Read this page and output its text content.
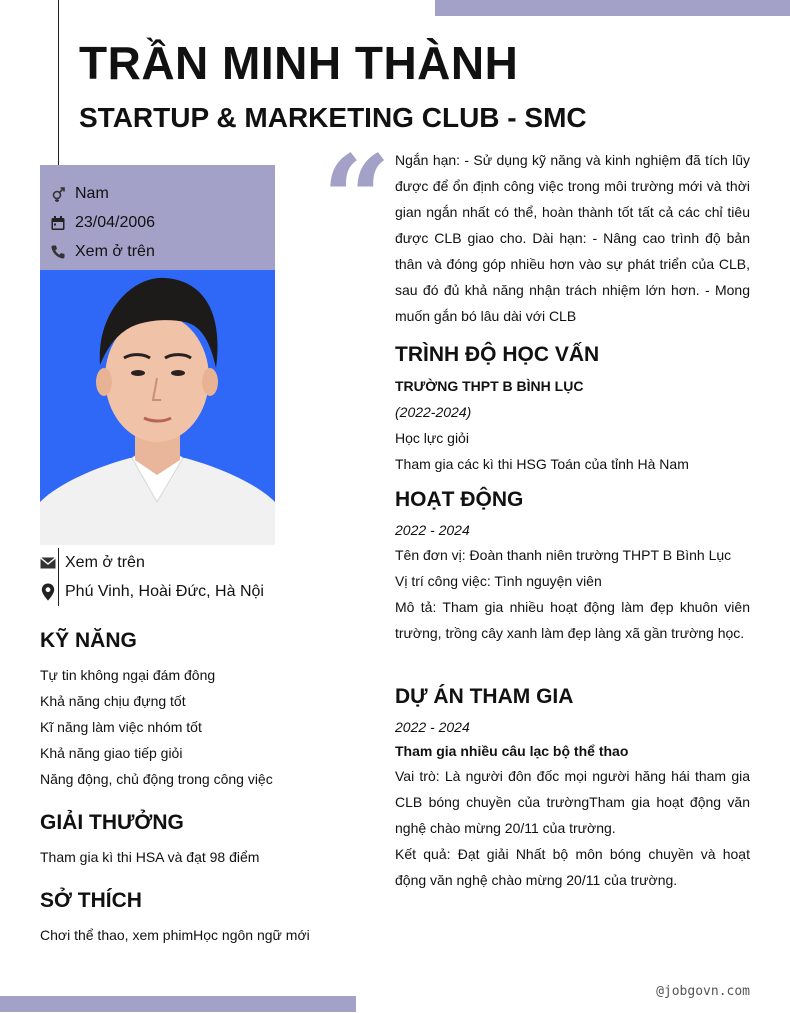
TRẦN MINH THÀNH
STARTUP & MARKETING CLUB - SMC
Nam
23/04/2006
Xem ở trên
Xem ở trên
Phú Vinh, Hoài Đức, Hà Nội
KỸ NĂNG
Tự tin không ngại đám đông
Khả năng chịu đựng tốt
Kĩ năng làm việc nhóm tốt
Khả năng giao tiếp giỏi
Năng động, chủ động trong công việc
GIẢI THƯỞNG
Tham gia kì thi HSA và đạt 98 điểm
SỞ THÍCH
Chơi thể thao, xem phimHọc ngôn ngữ mới
“ Ngắn hạn: - Sử dụng kỹ năng và kinh nghiệm đã tích lũy được để ổn định công việc trong môi trường mới và thời gian ngắn nhất có thể, hoàn thành tốt tất cả các chỉ tiêu được CLB giao cho. Dài hạn: - Nâng cao trình độ bản thân và đóng góp nhiều hơn vào sự phát triển của CLB, sau đó đủ khả năng nhận trách nhiệm lớn hơn. - Mong muốn gắn bó lâu dài với CLB
TRÌNH ĐỘ HỌC VẤN
TRƯỜNG THPT B BÌNH LỤC
(2022-2024)
Học lực giỏi
Tham gia các kì thi HSG Toán của tỉnh Hà Nam
HOẠT ĐỘNG
2022 - 2024
Tên đơn vị: Đoàn thanh niên trường THPT B Bình Lục
Vị trí công việc: Tình nguyện viên
Mô tả: Tham gia nhiều hoạt động làm đẹp khuôn viên trường, trồng cây xanh làm đẹp làng xã gần trường học.
DỰ ÁN THAM GIA
2022 - 2024
Tham gia nhiều câu lạc bộ thể thao
Vai trò: Là người đôn đốc mọi người hăng hái tham gia CLB bóng chuyền của trườngTham gia hoạt động văn nghệ chào mừng 20/11 của trường.
Kết quả: Đạt giải Nhất bộ môn bóng chuyền và hoạt động văn nghệ chào mừng 20/11 của trường.
@jobgovn.com
